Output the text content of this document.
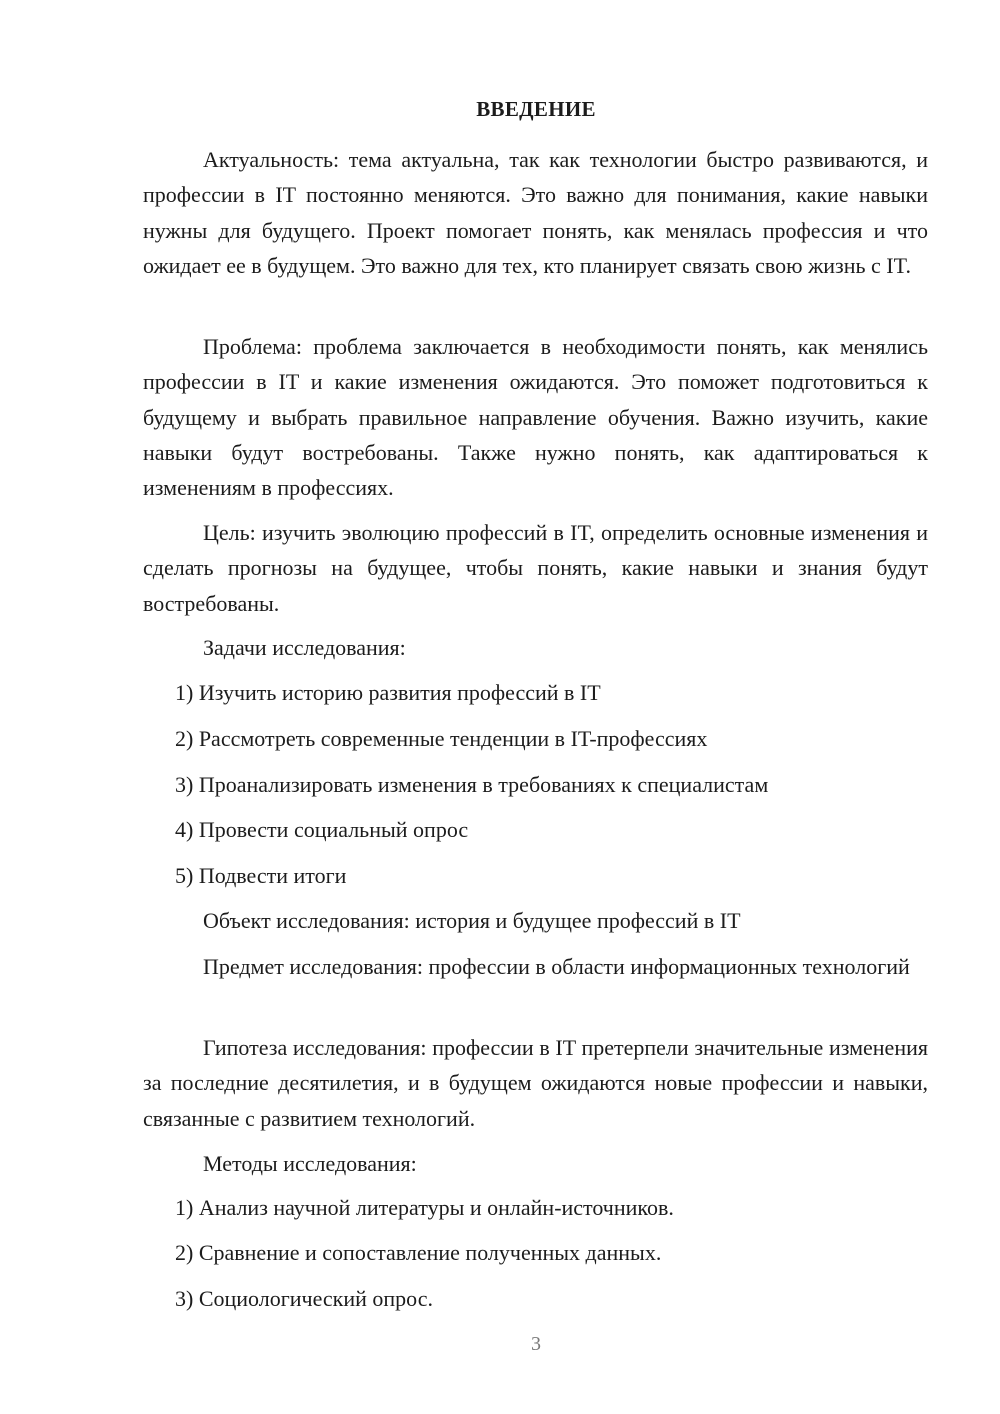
ВВЕДЕНИЕ

Актуальность: тема актуальна, так как технологии быстро развиваются, и профессии в IT постоянно меняются. Это важно для понимания, какие навыки нужны для будущего. Проект помогает понять, как менялась профессия и что ожидает ее в будущем. Это важно для тех, кто планирует связать свою жизнь с IT.

Проблема: проблема заключается в необходимости понять, как менялись профессии в IT и какие изменения ожидаются. Это поможет подготовиться к будущему и выбрать правильное направление обучения. Важно изучить, какие навыки будут востребованы. Также нужно понять, как адаптироваться к изменениям в профессиях.

Цель: изучить эволюцию профессий в IT, определить основные изменения и сделать прогнозы на будущее, чтобы понять, какие навыки и знания будут востребованы.

Задачи исследования:

1) Изучить историю развития профессий в IT

2) Рассмотреть современные тенденции в IT-профессиях

3) Проанализировать изменения в требованиях к специалистам

4) Провести социальный опрос

5) Подвести итоги

Объект исследования: история и будущее профессий в IT

Предмет исследования: профессии в области информационных технологий

Гипотеза исследования: профессии в IT претерпели значительные изменения за последние десятилетия, и в будущем ожидаются новые профессии и навыки, связанные с развитием технологий.

Методы исследования:

1) Анализ научной литературы и онлайн-источников.

2) Сравнение и сопоставление полученных данных.

3) Социологический опрос.

3
